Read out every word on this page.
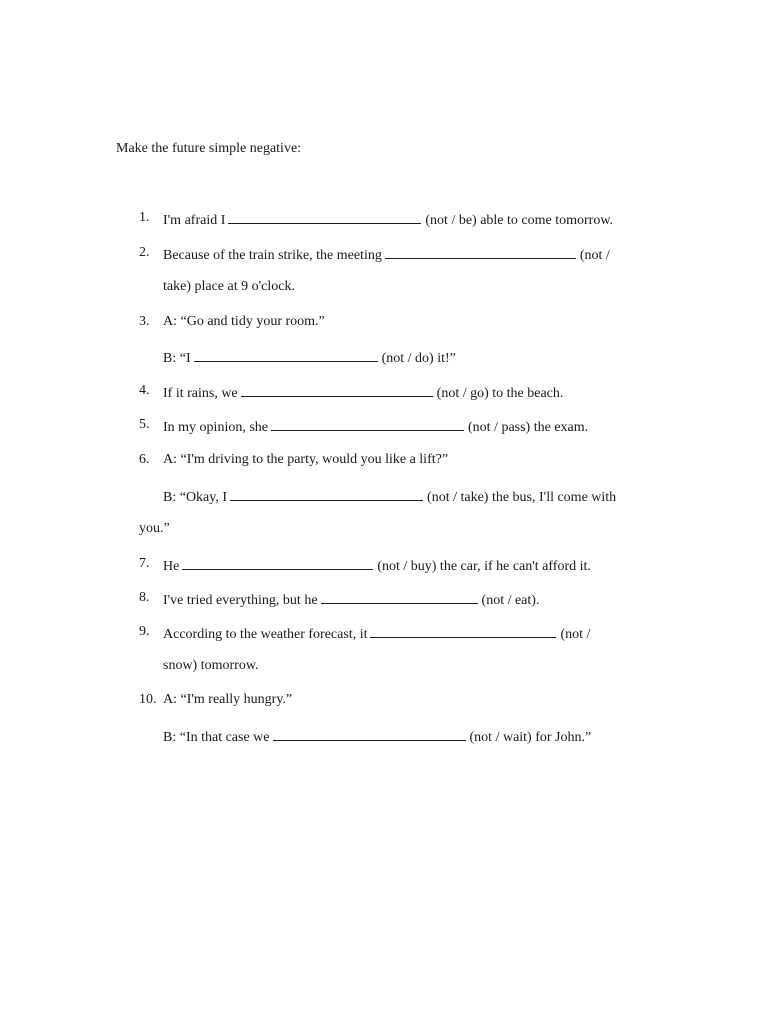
Make the future simple negative:

1. I'm afraid I	(not / be) able to come tomorrow.
2. Because of the train strike, the meeting	(not /
take) place at 9 o'clock.
3. A: “Go and tidy your room.”
B: “I	(not / do) it!”
4. If it rains, we	(not / go) to the beach.
5. In my opinion, she	(not / pass) the exam.
6. A: “I'm driving to the party, would you like a lift?”
B: “Okay, I	(not / take) the bus, I'll come with
you.”
7. He	(not / buy) the car, if he can't afford it.
8. I've tried everything, but he	(not / eat).
9. According to the weather forecast, it	(not /
snow) tomorrow.
10. A: “I'm really hungry.”
B: “In that case we	(not / wait) for John.”
